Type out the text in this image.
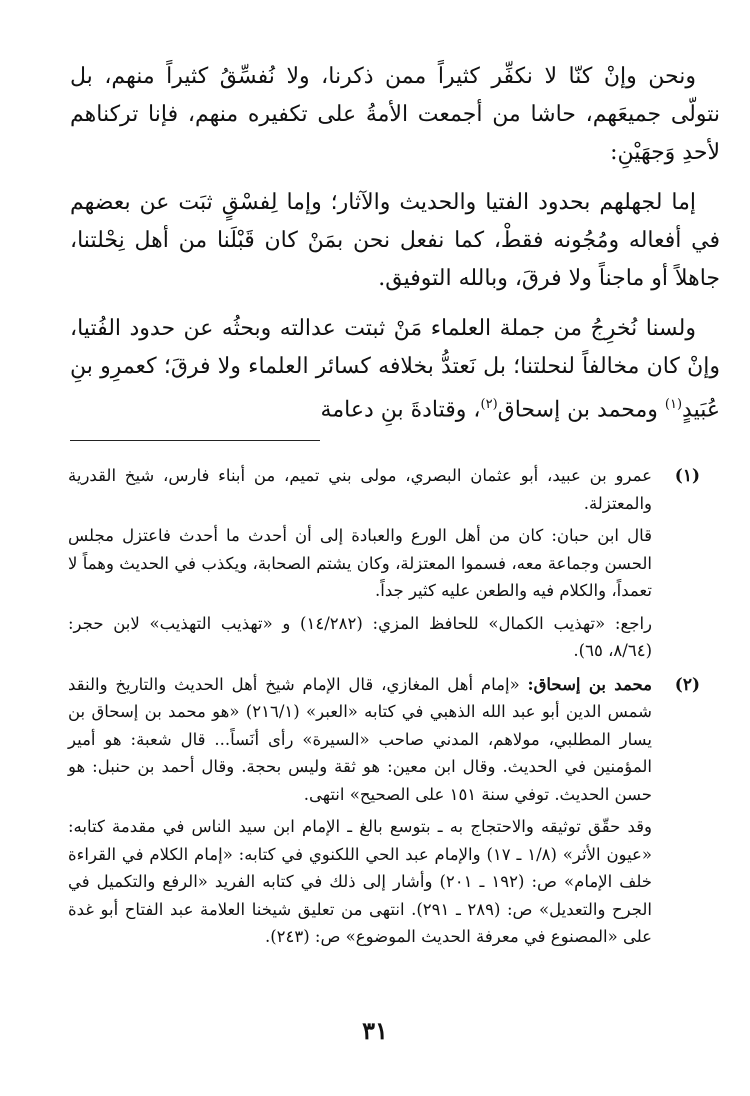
ونحن وإنْ كنّا لا نكفِّر كثيراً ممن ذكرنا، ولا نُفسِّقُ كثيراً منهم، بل نتولّى جميعَهم، حاشا من أجمعت الأمةُ على تكفيره منهم، فإنا تركناهم لأحدِ وَجهَيْنِ:

إما لجهلهم بحدود الفتيا والحديث والآثار؛ وإما لِفسْقٍ ثبَت عن بعضهم في أفعاله ومُجُونه فقطْ، كما نفعل نحن بمَنْ كان قَبْلَنا من أهل نِحْلتنا، جاهلاً أو ماجناً ولا فرقَ، وبالله التوفيق.

ولسنا نُخرِجُ من جملة العلماء مَنْ ثبتت عدالته وبحثُه عن حدود الفُتيا، وإنْ كان مخالفاً لنحلتنا؛ بل نَعتدُّ بخلافه كسائر العلماء ولا فرقَ؛ كعمرِو بنِ عُبَيدٍ$^{(١)}$ ومحمد بن إسحاق$^{(٢)}$، وقتادةَ بنِ دعامة

(١)

عمرو بن عبيد، أبو عثمان البصري، مولى بني تميم، من أبناء فارس، شيخ القدرية والمعتزلة.

قال ابن حبان: كان من أهل الورع والعبادة إلى أن أحدث ما أحدث فاعتزل مجلس الحسن وجماعة معه، فسموا المعتزلة، وكان يشتم الصحابة، ويكذب في الحديث وهماً لا تعمداً، والكلام فيه والطعن عليه كثير جداً.

راجع: «تهذيب الكمال» للحافظ المزي: (١٤/٢٨٢) و «تهذيب التهذيب» لابن حجر: (٨/٦٤، ٦٥).

(٢)

محمد بن إسحاق: «إمام أهل المغازي، قال الإمام شيخ أهل الحديث والتاريخ والنقد شمس الدين أبو عبد الله الذهبي في كتابه «العبر» (٢١٦/١) «هو محمد بن إسحاق بن يسار المطلبي، مولاهم، المدني صاحب «السيرة» رأى أنَساً... قال شعبة: هو أمير المؤمنين في الحديث. وقال ابن معين: هو ثقة وليس بحجة. وقال أحمد بن حنبل: هو حسن الحديث. توفي سنة ١٥١ على الصحيح» انتهى.

وقد حقّق توثيقه والاحتجاج به ـ بتوسع بالغ ـ الإمام ابن سيد الناس في مقدمة كتابه: «عيون الأثر» (١/٨ ـ ١٧) والإمام عبد الحي اللكنوي في كتابه: «إمام الكلام في القراءة خلف الإمام» ص: (١٩٢ ـ ٢٠١) وأشار إلى ذلك في كتابه الفريد «الرفع والتكميل في الجرح والتعديل» ص: (٢٨٩ ـ ٢٩١). انتهى من تعليق شيخنا العلامة عبد الفتاح أبو غدة على «المصنوع في معرفة الحديث الموضوع» ص: (٢٤٣).

٣١
